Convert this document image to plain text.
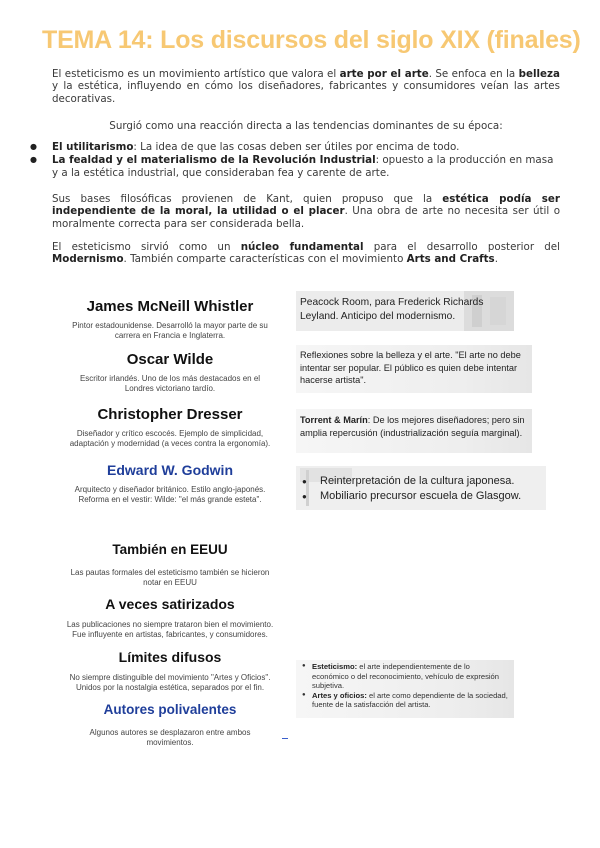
TEMA 14: Los discursos del siglo XIX (finales)

El esteticismo es un movimiento artístico que valora el arte por el arte. Se enfoca en la belleza y la estética, influyendo en cómo los diseñadores, fabricantes y consumidores veían las artes decorativas.

Surgió como una reacción directa a las tendencias dominantes de su época:

● El utilitarismo: La idea de que las cosas deben ser útiles por encima de todo.
● La fealdad y el materialismo de la Revolución Industrial: opuesto a la producción en masa y a la estética industrial, que consideraban fea y carente de arte.

Sus bases filosóficas provienen de Kant, quien propuso que la estética podía ser independiente de la moral, la utilidad o el placer. Una obra de arte no necesita ser útil o moralmente correcta para ser considerada bella.

El esteticismo sirvió como un núcleo fundamental para el desarrollo posterior del Modernismo. También comparte características con el movimiento Arts and Crafts.

James McNeill Whistler

Pintor estadounidense. Desarrolló la mayor parte de su

carrera en Francia e Inglaterra.

Oscar Wilde

Escritor irlandés. Uno de los más destacados en el

Londres victoriano tardío.

Christopher Dresser

Diseñador y crítico escocés. Ejemplo de simplicidad,

adaptación y modernidad (a veces contra la ergonomía).

Edward W. Godwin

Arquitecto y diseñador británico. Estilo anglo-japonés.

Reforma en el vestir: Wilde: "el más grande esteta".

También en EEUU

Las pautas formales del esteticismo también se hicieron

notar en EEUU

A veces satirizados

Las publicaciones no siempre trataron bien el movimiento.

Fue influyente en artistas, fabricantes, y consumidores.

Límites difusos

No siempre distinguible del movimiento "Artes y Oficios".

Unidos por la nostalgia estética, separados por el fin.

Autores polivalentes

Algunos autores se desplazaron entre ambos

movimientos.

Peacock Room, para Frederick Richards Leyland. Anticipo del modernismo.

Reflexiones sobre la belleza y el arte. "El arte no debe intentar ser popular. El público es quien debe intentar hacerse artista".

Torrent & Marín: De los mejores diseñadores; pero sin amplia repercusión (industrialización seguía marginal).

● Reinterpretación de la cultura japonesa.
● Mobiliario precursor escuela de Glasgow.
● Esteticismo: el arte independientemente de lo económico o del reconocimiento, vehículo de expresión subjetiva.
● Artes y oficios: el arte como dependiente de la sociedad, fuente de la satisfacción del artista.
